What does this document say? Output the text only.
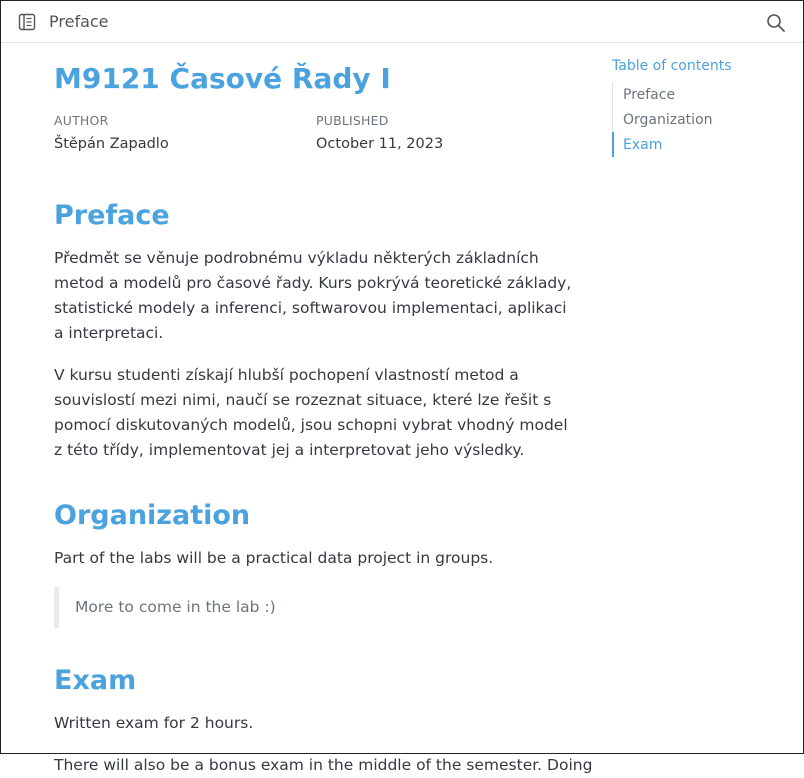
Preface
M9121 Časové Řady I
AUTHOR
Štěpán Zapadlo
PUBLISHED
October 11, 2023
Preface

Předmět se věnuje podrobnému výkladu některých základních metod a modelů pro časové řady. Kurs pokrývá teoretické základy, statistické modely a inferenci, softwarovou implementaci, aplikaci a interpretaci.

V kursu studenti získají hlubší pochopení vlastností metod a souvislostí mezi nimi, naučí se rozeznat situace, které lze řešit s pomocí diskutovaných modelů, jsou schopni vybrat vhodný model z této třídy, implementovat jej a interpretovat jeho výsledky.

Organization

Part of the labs will be a practical data project in groups.

More to come in the lab :)
Exam

Written exam for 2 hours.

There will also be a bonus exam in the middle of the semester. Doing

Table of contents
Preface
Organization
Exam
